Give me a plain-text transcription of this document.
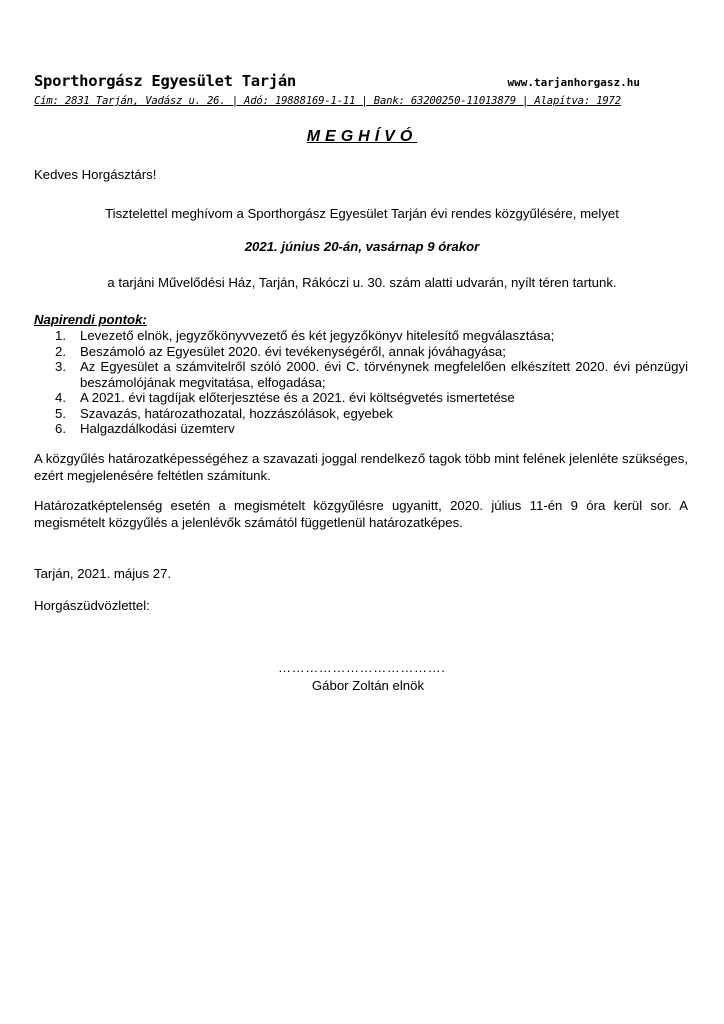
Sporthorgász Egyesület Tarján	www.tarjanhorgasz.hu
Cím: 2831 Tarján, Vadász u. 26. | Adó: 19888169-1-11 | Bank: 63200250-11013879 | Alapítva: 1972
MEGHÍVÓ
Kedves Horgásztárs!
Tisztelettel meghívom a Sporthorgász Egyesület Tarján évi rendes közgyűlésére, melyet
2021. június 20-án, vasárnap 9 órakor
a tarjáni Művelődési Ház, Tarján, Rákóczi u. 30. szám alatti udvarán, nyílt téren tartunk.
Napirendi pontok:
1. Levezető elnök, jegyzőkönyvvezető és két jegyzőkönyv hitelesítő megválasztása;
2. Beszámoló az Egyesület 2020. évi tevékenységéről, annak jóváhagyása;
3. Az Egyesület a számvitelről szóló 2000. évi C. törvénynek megfelelően elkészített 2020. évi pénzügyi beszámolójának megvitatása, elfogadása;
4. A 2021. évi tagdíjak előterjesztése és a 2021. évi költségvetés ismertetése
5. Szavazás, határozathozatal, hozzászólások, egyebek
6. Halgazdálkodási üzemterv
A közgyűlés határozatképességéhez a szavazati joggal rendelkező tagok több mint felének jelenléte szükséges, ezért megjelenésére feltétlen számítunk.
Határozatképtelenség esetén a megismételt közgyűlésre ugyanitt, 2020. július 11-én 9 óra kerül sor. A megismételt közgyűlés a jelenlévők számától függetlenül határozatképes.
Tarján, 2021. május 27.
Horgászüdvözlettel:
……………………………….
Gábor Zoltán elnök
